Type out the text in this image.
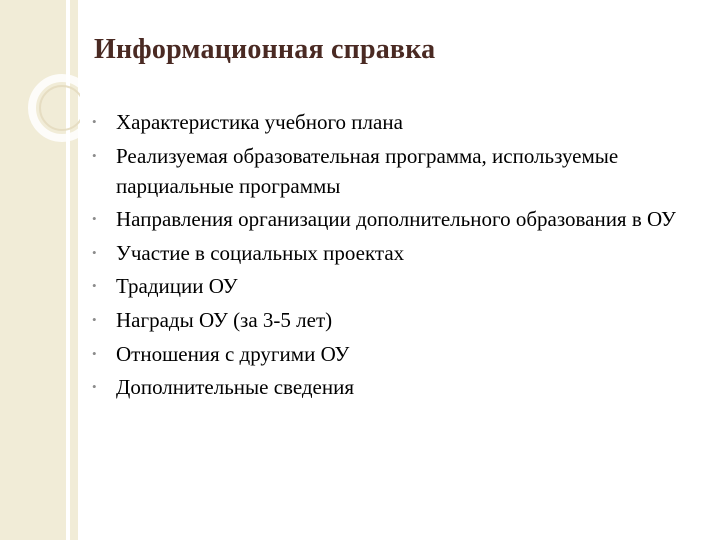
Информационная справка
• Характеристика учебного плана
• Реализуемая образовательная программа, используемые парциальные программы
• Направления организации дополнительного образования в ОУ
• Участие в социальных проектах
• Традиции ОУ
• Награды ОУ (за 3-5 лет)
• Отношения с другими ОУ
• Дополнительные сведения
